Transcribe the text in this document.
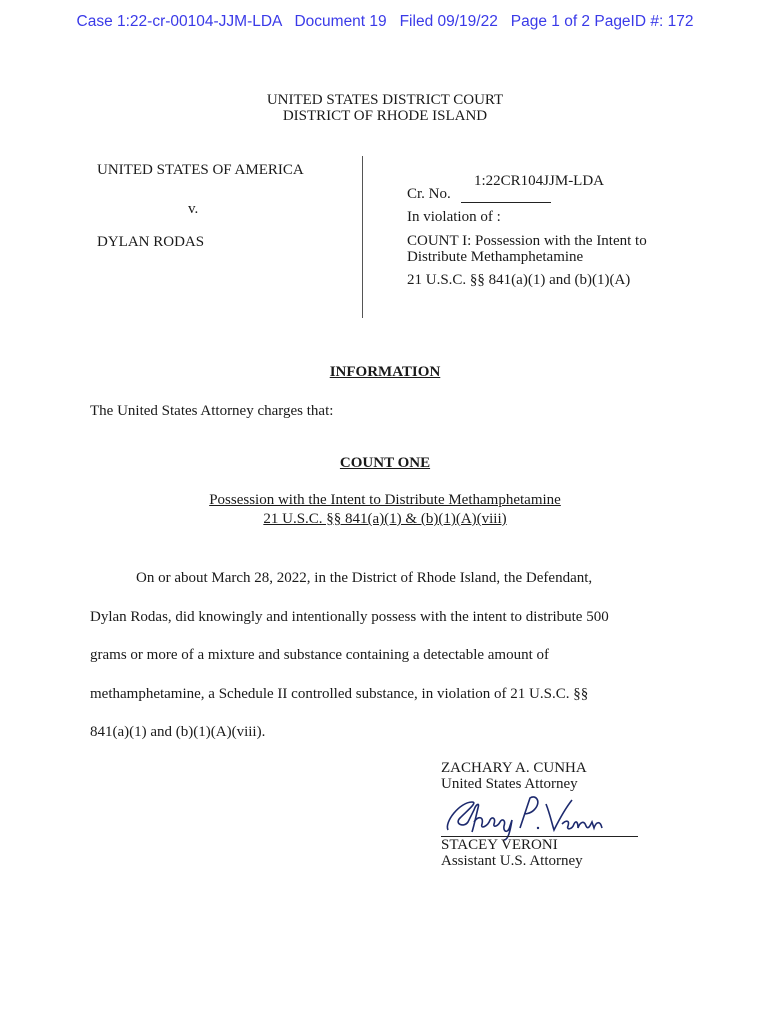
Case 1:22-cr-00104-JJM-LDA Document 19 Filed 09/19/22 Page 1 of 2 PageID #: 172
UNITED STATES DISTRICT COURT
DISTRICT OF RHODE ISLAND
UNITED STATES OF AMERICA
v.
DYLAN RODAS
1:22CR104JJM-LDA
Cr. No.
In violation of :
COUNT I: Possession with the Intent to
Distribute Methamphetamine
21 U.S.C. §§ 841(a)(1) and (b)(1)(A)
INFORMATION
The United States Attorney charges that:
COUNT ONE
Possession with the Intent to Distribute Methamphetamine
21 U.S.C. §§ 841(a)(1) & (b)(1)(A)(viii)
On or about March 28, 2022, in the District of Rhode Island, the Defendant,
Dylan Rodas, did knowingly and intentionally possess with the intent to distribute 500
grams or more of a mixture and substance containing a detectable amount of
methamphetamine, a Schedule II controlled substance, in violation of 21 U.S.C. §§
841(a)(1) and (b)(1)(A)(viii).
ZACHARY A. CUNHA
United States Attorney
STACEY VERONI
Assistant U.S. Attorney
